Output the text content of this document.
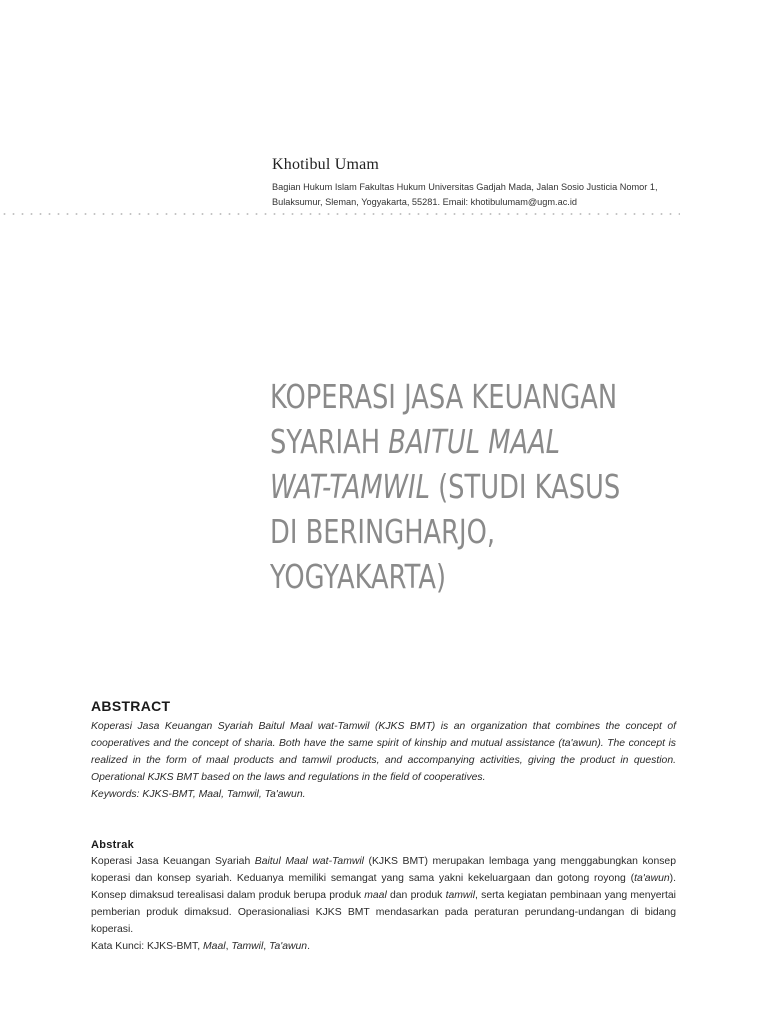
Khotibul Umam
Bagian Hukum Islam Fakultas Hukum Universitas Gadjah Mada, Jalan Sosio Justicia Nomor 1,
Bulaksumur, Sleman, Yogyakarta, 55281. Email: khotibulumam@ugm.ac.id
KOPERASI JASA KEUANGAN
SYARIAH BAITUL MAAL
WAT-TAMWIL (STUDI KASUS
DI BERINGHARJO,
YOGYAKARTA)
ABSTRACT

Koperasi Jasa Keuangan Syariah Baitul Maal wat-Tamwil (KJKS BMT) is an organization that combines the concept of cooperatives and the concept of sharia. Both have the same spirit of kinship and mutual assistance (ta'awun). The concept is realized in the form of maal products and tamwil products, and accompanying activities, giving the product in question. Operational KJKS BMT based on the laws and regulations in the field of cooperatives.

Keywords: KJKS-BMT, Maal, Tamwil, Ta'awun.

Abstrak

Koperasi Jasa Keuangan Syariah Baitul Maal wat-Tamwil (KJKS BMT) merupakan lembaga yang menggabungkan konsep koperasi dan konsep syariah. Keduanya memiliki semangat yang sama yakni kekeluargaan dan gotong royong (ta'awun). Konsep dimaksud terealisasi dalam produk berupa produk maal dan produk tamwil, serta kegiatan pembinaan yang menyertai pemberian produk dimaksud. Operasionaliasi KJKS BMT mendasarkan pada peraturan perundang-undangan di bidang koperasi.

Kata Kunci: KJKS-BMT, Maal, Tamwil, Ta'awun.
